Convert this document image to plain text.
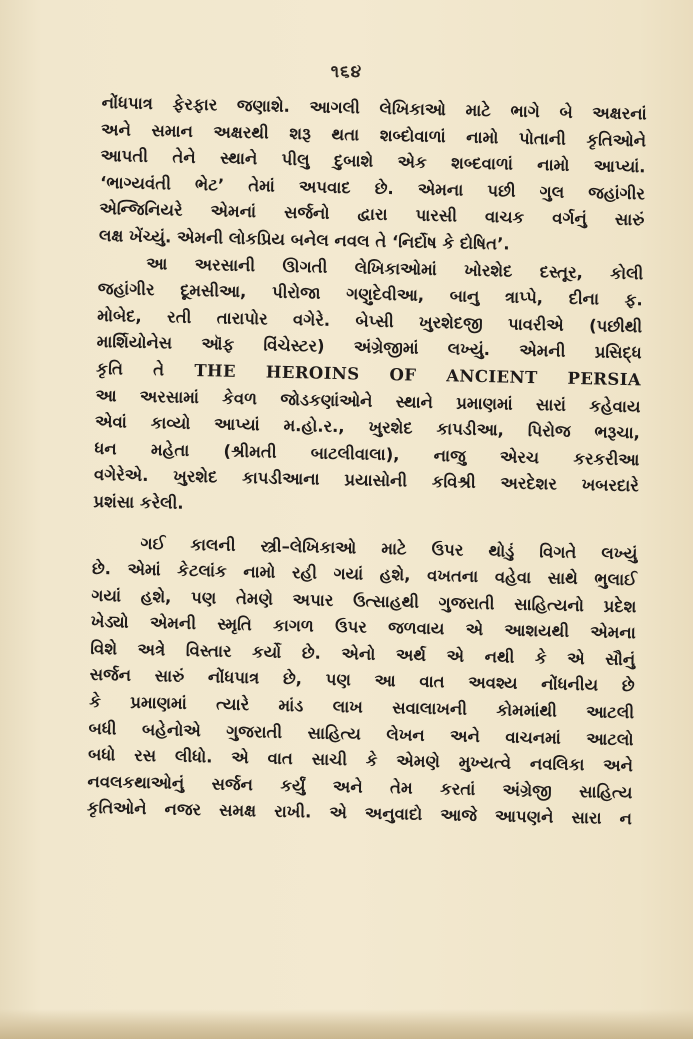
૧૬૪
નોંધપાત્ર ફેરફાર જણાશે. આગલી લેખિકાઓ માટે ભાગે બે અક્ષરનાં
અને સમાન અક્ષરથી શરૂ થતા શબ્દોવાળાં નામો પોતાની કૃતિઓને
આપતી તેને સ્થાને પીલુ દુબાશે એક શબ્દવાળાં નામો આપ્યાં.
‘ભાગ્યવંતી ભેટ’ તેમાં અપવાદ છે. એમના પછી ગુલ જહાંગીર
એન્જિનિયરે એમનાં સર્જનો દ્વારા પારસી વાચક વર્ગનું સારું
લક્ષ ખેંચ્યું. એમની લોકપ્રિય બનેલ નવલ તે ‘નિર્દોષ કે દોષિત’.
આ અરસાની ઊગતી લેખિકાઓમાં ખોરશેદ દસ્તૂર, કોલી
જહાંગીર દૂમસીઆ, પીરોજા ગણુદેવીઆ, બાનુ ત્રાપ્પે, દીના ફ.
મોબેદ, રતી તારાપોર વગેરે. બેપ્સી ખુરશેદજી પાવરીએ (પછીથી
માર્શિયોનેસ ઑફ વિંચેસ્ટર) અંગ્રેજીમાં લખ્યું. એમની પ્રસિદ્ધ
કૃતિ તે THE HEROINS OF ANCIENT PERSIA
આ અરસામાં કેવળ જોડકણાંઓને સ્થાને પ્રમાણમાં સારાં કહેવાય
એવાં કાવ્યો આપ્યાં મ.હો.ર., ખુરશેદ કાપડીઆ, પિરોજ ભરૂચા,
ધન મહેતા (શ્રીમતી બાટલીવાલા), નાજુ એરચ કરકરીઆ
વગેરેએ. ખુરશેદ કાપડીઆના પ્રયાસોની કવિશ્રી અરદેશર ખબરદારે
પ્રશંસા કરેલી.
ગઈ કાલની સ્ત્રી–લેખિકાઓ માટે ઉપર થોડું વિગતે લખ્યું
છે. એમાં કેટલાંક નામો રહી ગયાં હશે, વખતના વહેવા સાથે ભુલાઈ
ગયાં હશે, પણ તેમણે અપાર ઉત્સાહથી ગુજરાતી સાહિત્યનો પ્રદેશ
ખેડ્યો એમની સ્મૃતિ કાગળ ઉપર જળવાય એ આશયથી એમના
વિશે અત્રે વિસ્તાર કર્યો છે. એનો અર્થ એ નથી કે એ સૌનું
સર્જન સારું નોંધપાત્ર છે, પણ આ વાત અવશ્ય નોંધનીય છે
કે પ્રમાણમાં ત્યારે માંડ લાખ સવાલાખની કોમમાંથી આટલી
બધી બહેનોએ ગુજરાતી સાહિત્ય લેખન અને વાચનમાં આટલો
બધો રસ લીધો. એ વાત સાચી કે એમણે મુખ્યત્વે નવલિકા અને
નવલકથાઓનું સર્જન કર્યું અને તેમ કરતાં અંગ્રેજી સાહિત્ય
કૃતિઓને નજર સમક્ષ રાખી. એ અનુવાદો આજે આપણને સારા ન
